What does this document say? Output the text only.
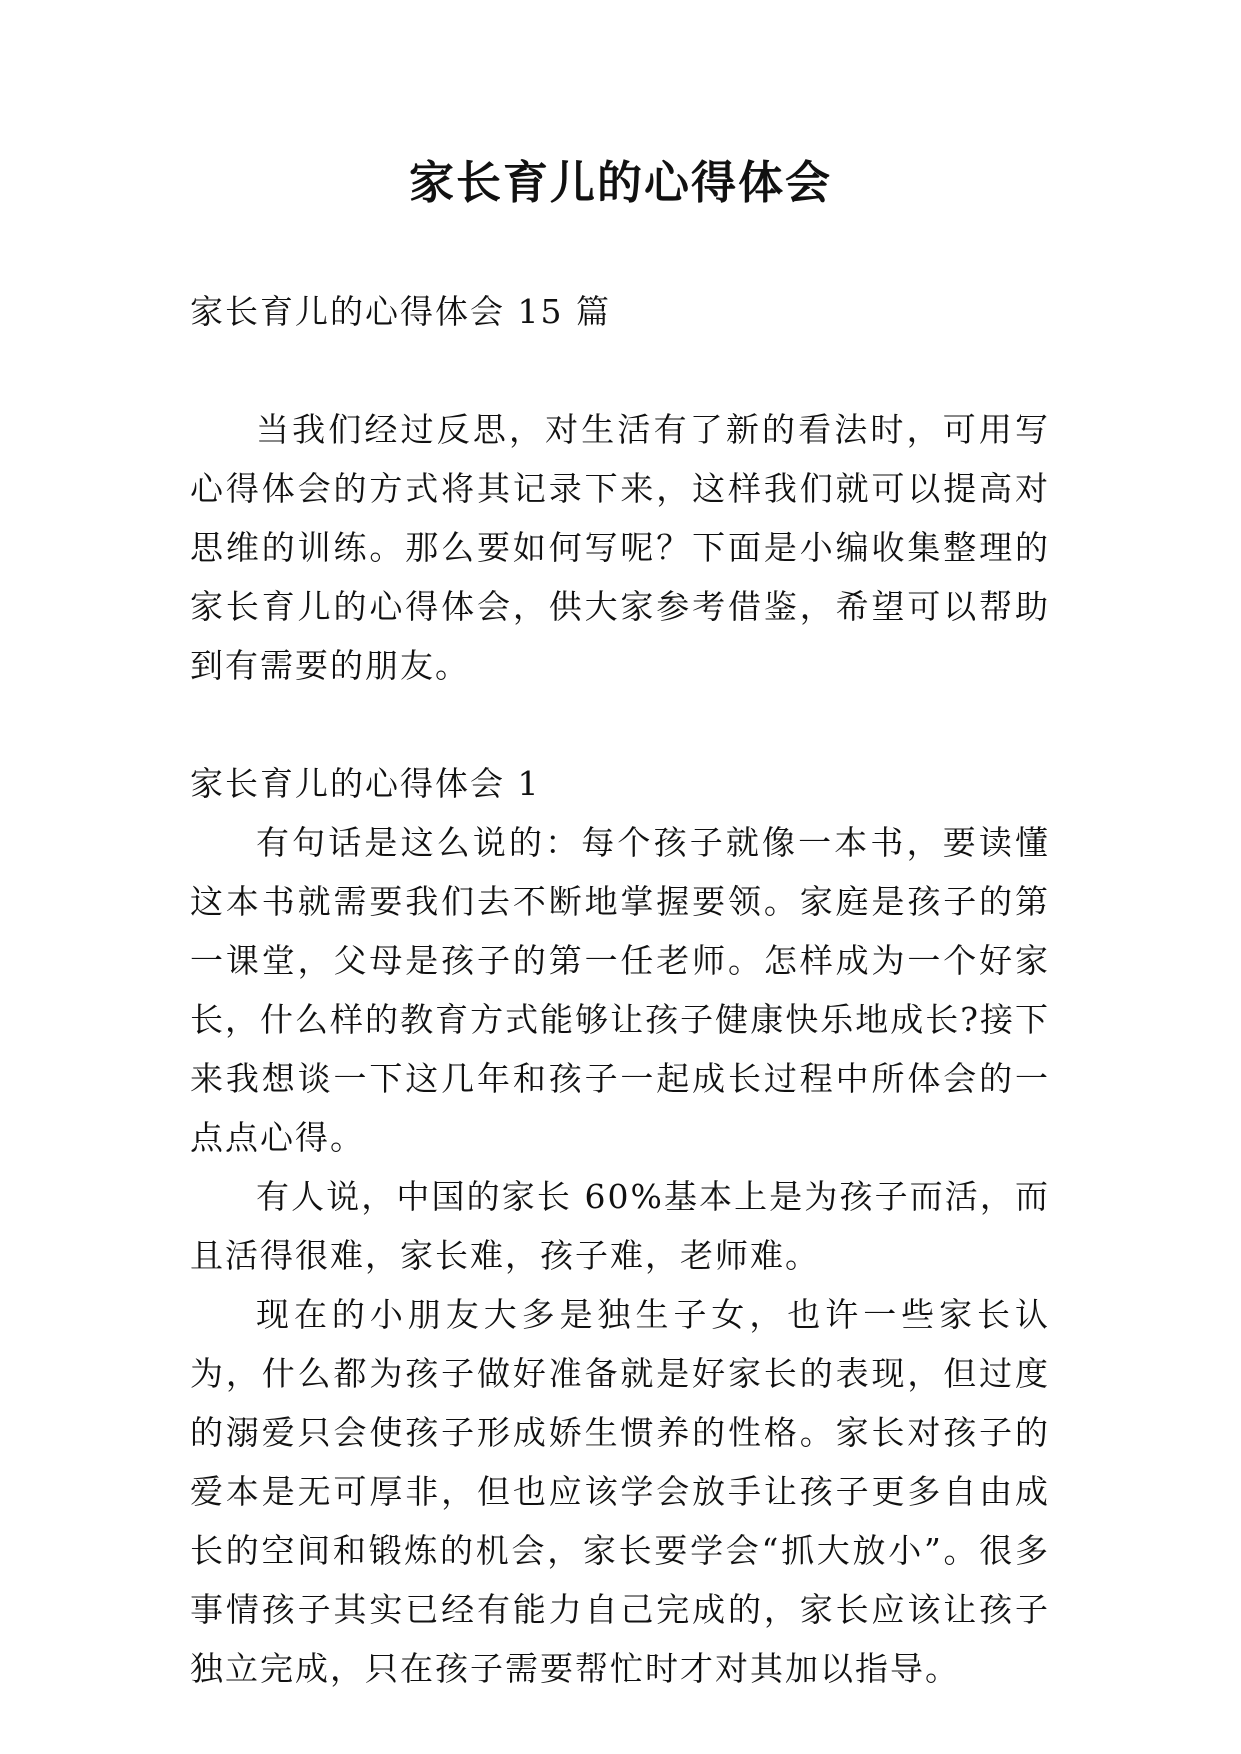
家长育儿的心得体会

家长育儿的心得体会 15 篇

当我们经过反思，对生活有了新的看法时，可用写心得体会的方式将其记录下来，这样我们就可以提高对思维的训练。那么要如何写呢？下面是小编收集整理的家长育儿的心得体会，供大家参考借鉴，希望可以帮助到有需要的朋友。

家长育儿的心得体会 1

有句话是这么说的：每个孩子就像一本书，要读懂这本书就需要我们去不断地掌握要领。家庭是孩子的第一课堂，父母是孩子的第一任老师。怎样成为一个好家长，什么样的教育方式能够让孩子健康快乐地成长?接下来我想谈一下这几年和孩子一起成长过程中所体会的一点点心得。

有人说，中国的家长 60%基本上是为孩子而活，而且活得很难，家长难，孩子难，老师难。

现在的小朋友大多是独生子女，也许一些家长认为，什么都为孩子做好准备就是好家长的表现，但过度的溺爱只会使孩子形成娇生惯养的性格。家长对孩子的爱本是无可厚非，但也应该学会放手让孩子更多自由成长的空间和锻炼的机会，家长要学会“抓大放小”。很多事情孩子其实已经有能力自己完成的，家长应该让孩子独立完成，只在孩子需要帮忙时才对其加以指导。
